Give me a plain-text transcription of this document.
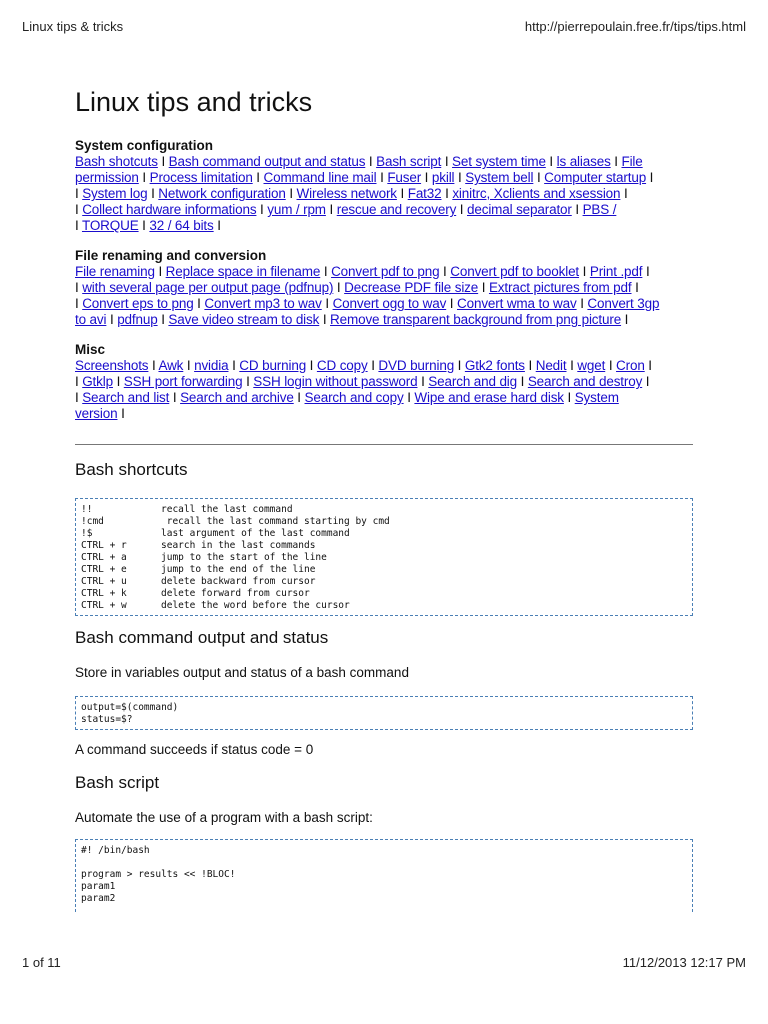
Linux tips & tricks	http://pierrepoulain.free.fr/tips/tips.html
Linux tips and tricks
System configuration
Bash shotcuts I Bash command output and status I Bash script I Set system time I ls aliases I File
permission I Process limitation I Command line mail I Fuser I pkill I System bell I Computer startup I
I System log I Network configuration I Wireless network I Fat32 I xinitrc, Xclients and xsession I
I Collect hardware informations I yum / rpm I rescue and recovery I decimal separator I PBS /
I TORQUE I 32 / 64 bits I
File renaming and conversion
File renaming I Replace space in filename I Convert pdf to png I Convert pdf to booklet I Print .pdf I
I with several page per output page (pdfnup) I Decrease PDF file size I Extract pictures from pdf I
I Convert eps to png I Convert mp3 to wav I Convert ogg to wav I Convert wma to wav I Convert 3gp
to avi I pdfnup I Save video stream to disk I Remove transparent background from png picture I
Misc
Screenshots I Awk I nvidia I CD burning I CD copy I DVD burning I Gtk2 fonts I Nedit I wget I Cron I
I Gtklp I SSH port forwarding I SSH login without password I Search and dig I Search and destroy I
I Search and list I Search and archive I Search and copy I Wipe and erase hard disk I System
version I
Bash shortcuts
!!	recall the last command
!cmd	recall the last command starting by cmd
!$	last argument of the last command
CTRL + r	search in the last commands
CTRL + a	jump to the start of the line
CTRL + e	jump to the end of the line
CTRL + u	delete backward from cursor
CTRL + k	delete forward from cursor
CTRL + w	delete the word before the cursor
Bash command output and status

Store in variables output and status of a bash command

output=$(command)
status=$?

A command succeeds if status code = 0

Bash script

Automate the use of a program with a bash script:

#! /bin/bash
program > results << !BLOC!
param1
param2
1 of 11	11/12/2013 12:17 PM
